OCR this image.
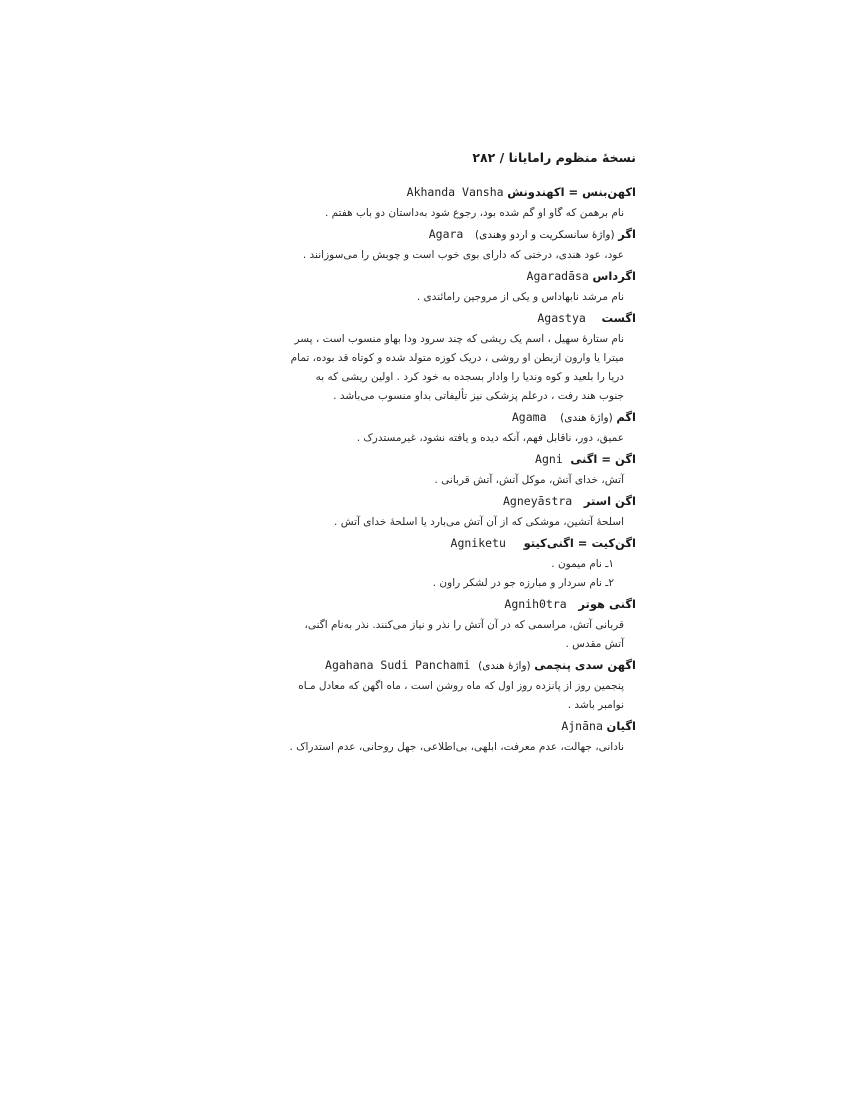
نسخهٔ منظوم رامایانا / ۲۸۲
اکهن‌بنس = اکهندونش Akhanda Vansha
نام برهمن که گاو او گم شده بود، رجوع شود به‌داستان دو باب هفتم .
اگر (واژهٔ سانسکریت و اردو و‌هندی) Agara
عود، عود هندی، درختی که دارای بوی خوب است و چوبش را می‌سوزانند .
اگرداس Agaradāsa
نام مرشد نابهاداس و یکی از مروجین رامائندی .
اگست Agastya
نام ستارهٔ سهیل ، اسم یک ریشی که چند سرود ودا بهاو منسوب است ، پسر
میترا یا وارون ازبطن او روشی ، دریک کوزه متولد شده و کوتاه قد بوده، تمام
دریا را بلعید و کوه وندیا را وادار بسجده به خود کرد . اولین ریشی که به
جنوب هند رفت ، درعلم پزشکی نیز تألیفاتی بداو منسوب می‌باشد .
اگم (واژهٔ هندی) Agama
عمیق، دور، ناقابل فهم، آنکه دیده و یافته نشود، غیرمستدرک .
اگن = اگنی Agni
آتش، خدای آتش، موکل آتش، آتش قربانی .
اگن استر Agneyāstra
اسلحهٔ آتشین، موشکی که از آن آتش می‌بارد یا اسلحهٔ خدای آتش .
اگن‌کیت = اگنی‌کیتو Agniketu
۱ـ نام میمون .
۲ـ نام سردار و مبارزه جو در لشکر راون .
اگنی هوتر Agnih0tra
قربانی آتش، مراسمی که در آن آتش را نذر و نیاز می‌کنند. نذر به‌نام اگنی،
آتش مقدس .
اگهن سدی پنچمی (واژهٔ هندی) Agahana Sudi Panchami
پنجمین روز از پانزده روز اول که ماه روشن است ، ماه اگهن که معادل مـاه
نوامبر باشد .
اگیان Ajnāna
نادانی، جهالت، عدم معرفت، ابلهی، بی‌اطلاعی، جهل روحانی، عدم استدراک .
